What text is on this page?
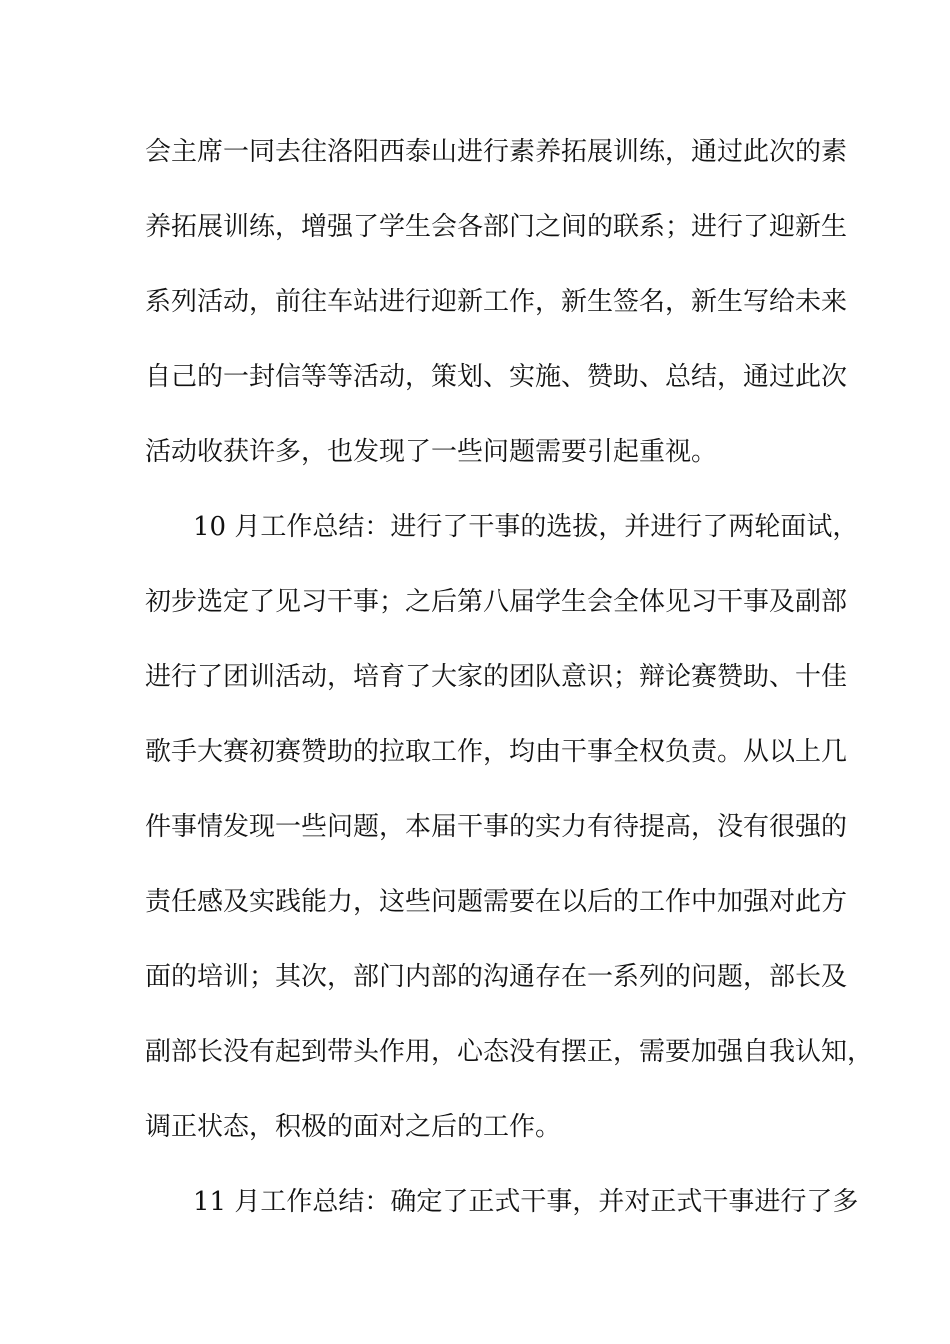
会主席一同去往洛阳西泰山进行素养拓展训练，通过此次的素
养拓展训练，增强了学生会各部门之间的联系；进行了迎新生
系列活动，前往车站进行迎新工作，新生签名，新生写给未来
自己的一封信等等活动，策划、实施、赞助、总结，通过此次
活动收获许多，也发现了一些问题需要引起重视。
10 月工作总结：进行了干事的选拔，并进行了两轮面试，
初步选定了见习干事；之后第八届学生会全体见习干事及副部
进行了团训活动，培育了大家的团队意识；辩论赛赞助、十佳
歌手大赛初赛赞助的拉取工作，均由干事全权负责。从以上几
件事情发现一些问题，本届干事的实力有待提高，没有很强的
责任感及实践能力，这些问题需要在以后的工作中加强对此方
面的培训；其次，部门内部的沟通存在一系列的问题，部长及
副部长没有起到带头作用，心态没有摆正，需要加强自我认知，
调正状态，积极的面对之后的工作。
11 月工作总结：确定了正式干事，并对正式干事进行了多
